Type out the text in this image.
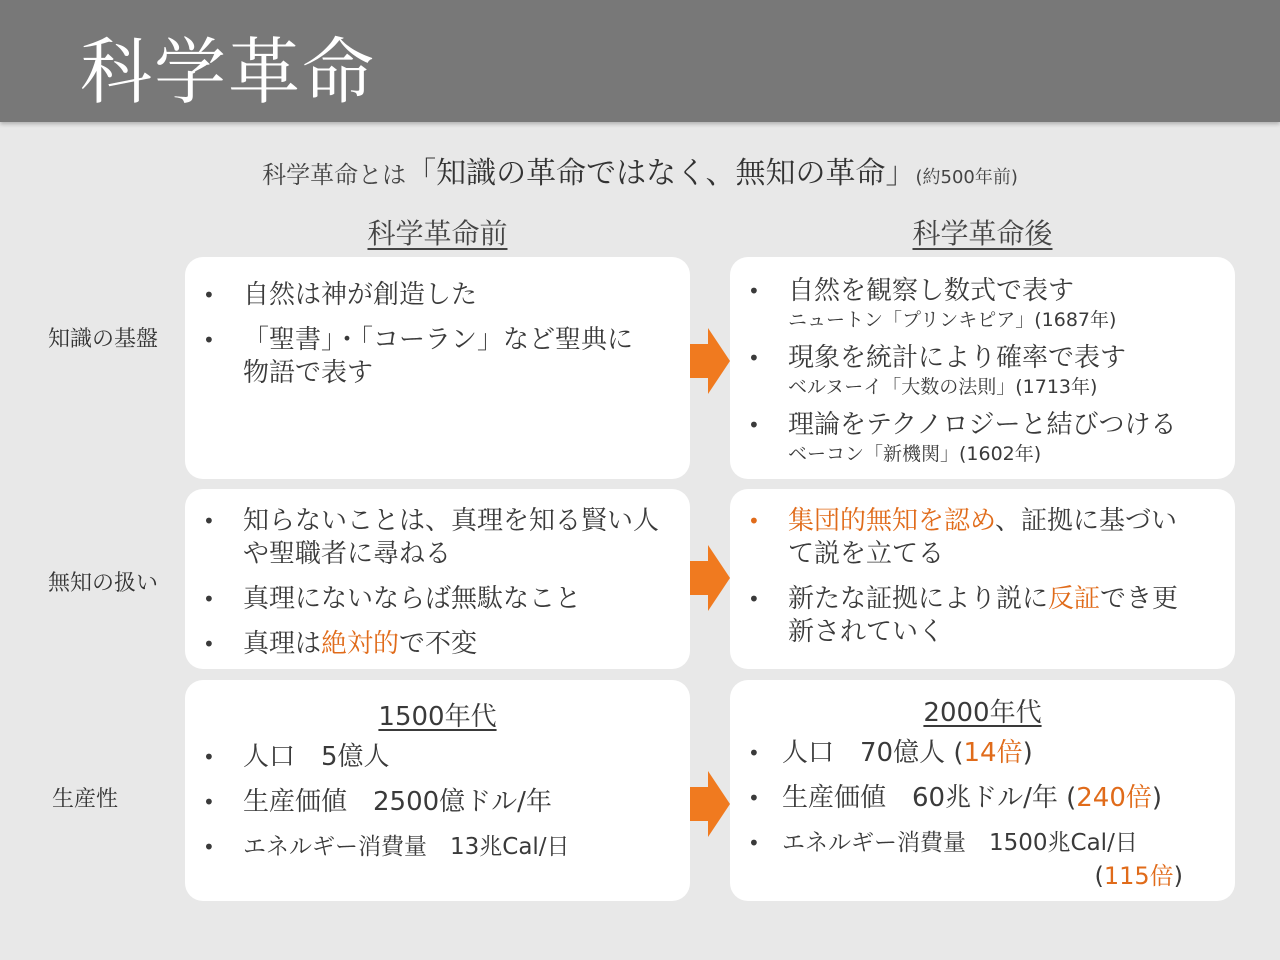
科学革命
科学革命とは「知識の革命ではなく、無知の革命」(約500年前)
科学革命前	科学革命後
知識の基盤
無知の扱い
生産性
• 自然は神が創造した
• 「聖書」・「コーラン」など聖典に物語で表す
• 自然を観察し数式で表す
ニュートン「プリンキピア」(1687年)
• 現象を統計により確率で表す
ベルヌーイ「大数の法則」(1713年)
• 理論をテクノロジーと結びつける
ベーコン「新機関」(1602年)
• 知らないことは、真理を知る賢い人や聖職者に尋ねる
• 真理にないならば無駄なこと
• 真理は絶対的で不変
• 集団的無知を認め、証拠に基づいて説を立てる
• 新たな証拠により説に反証でき更新されていく
1500年代
• 人口　5億人
• 生産価値　2500億ドル/年
• エネルギー消費量　13兆Cal/日
2000年代
• 人口　70億人 (14倍)
• 生産価値　60兆ドル/年 (240倍)
• エネルギー消費量　1500兆Cal/日
(115倍)
